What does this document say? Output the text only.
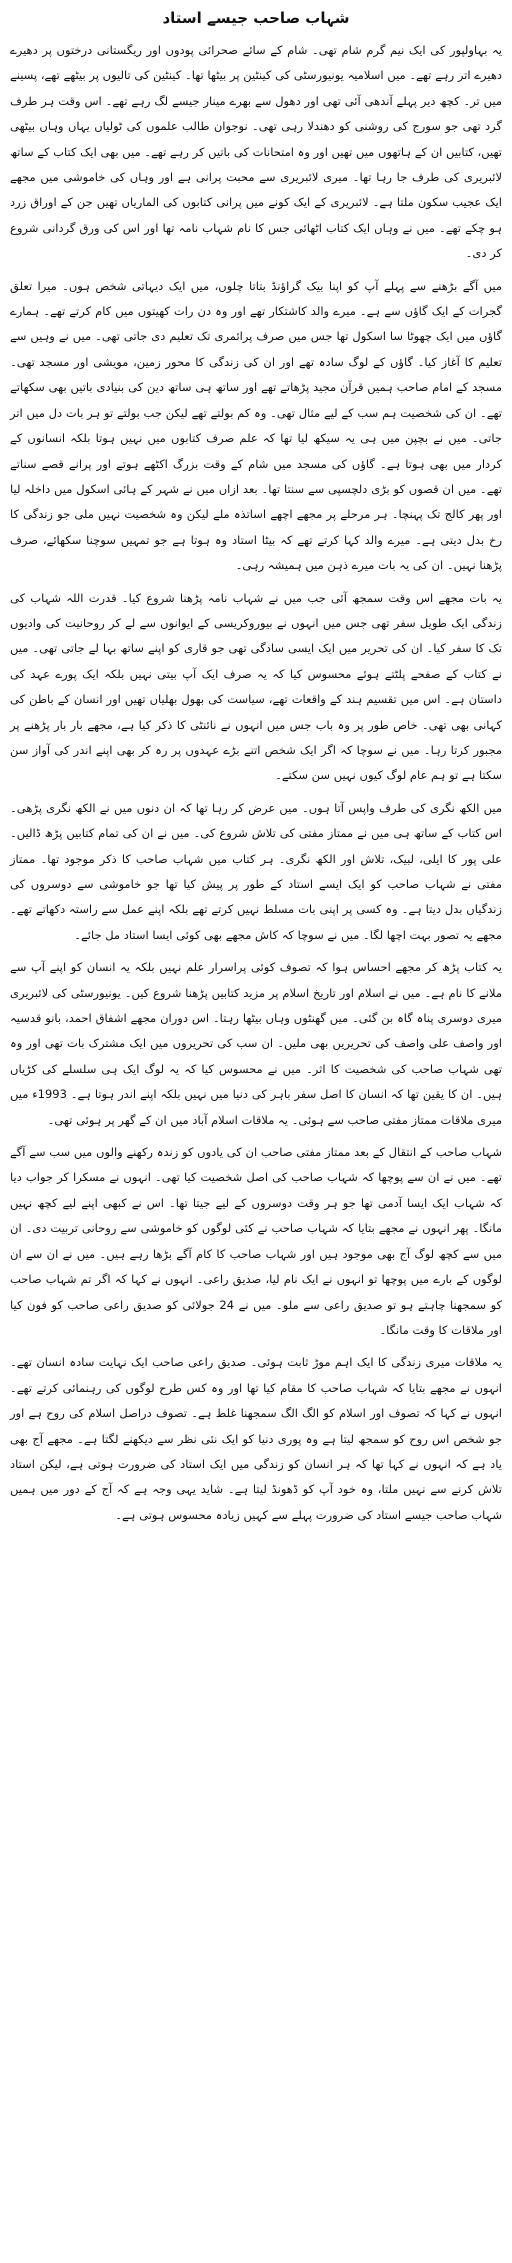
شہاب صاحب جیسے استاد

یہ بہاولپور کی ایک نیم گرم شام تھی۔ شام کے سائے صحرائی پودوں اور ریگستانی درختوں پر دھیرے دھیرے اتر رہے تھے۔ میں اسلامیہ یونیورسٹی کی کینٹین پر بیٹھا تھا۔ کینٹین کی تالیوں پر بیٹھے تھے، پسینے میں تر۔ کچھ دیر پہلے آندھی آئی تھی اور دھول سے بھرے مینار جیسے لگ رہے تھے۔ اس وقت ہر طرف گرد تھی جو سورج کی روشنی کو دھندلا رہی تھی۔ نوجوان طالب علموں کی ٹولیاں یہاں وہاں بیٹھی تھیں، کتابیں ان کے ہاتھوں میں تھیں اور وہ امتحانات کی باتیں کر رہے تھے۔ میں بھی ایک کتاب کے ساتھ لائبریری کی طرف جا رہا تھا۔ میری لائبریری سے محبت پرانی ہے اور وہاں کی خاموشی میں مجھے ایک عجیب سکون ملتا ہے۔ لائبریری کے ایک کونے میں پرانی کتابوں کی الماریاں تھیں جن کے اوراق زرد ہو چکے تھے۔ میں نے وہاں ایک کتاب اٹھائی جس کا نام شہاب نامہ تھا اور اس کی ورق گردانی شروع کر دی۔

میں آگے بڑھنے سے پہلے آپ کو اپنا بیک گراؤنڈ بتاتا چلوں، میں ایک دیہاتی شخص ہوں۔ میرا تعلق گجرات کے ایک گاؤں سے ہے۔ میرے والد کاشتکار تھے اور وہ دن رات کھیتوں میں کام کرتے تھے۔ ہمارے گاؤں میں ایک چھوٹا سا اسکول تھا جس میں صرف پرائمری تک تعلیم دی جاتی تھی۔ میں نے وہیں سے تعلیم کا آغاز کیا۔ گاؤں کے لوگ سادہ تھے اور ان کی زندگی کا محور زمین، مویشی اور مسجد تھی۔ مسجد کے امام صاحب ہمیں قرآن مجید پڑھاتے تھے اور ساتھ ہی ساتھ دین کی بنیادی باتیں بھی سکھاتے تھے۔ ان کی شخصیت ہم سب کے لیے مثال تھی۔ وہ کم بولتے تھے لیکن جب بولتے تو ہر بات دل میں اتر جاتی۔ میں نے بچپن میں ہی یہ سیکھ لیا تھا کہ علم صرف کتابوں میں نہیں ہوتا بلکہ انسانوں کے کردار میں بھی ہوتا ہے۔ گاؤں کی مسجد میں شام کے وقت بزرگ اکٹھے ہوتے اور پرانے قصے سناتے تھے۔ میں ان قصوں کو بڑی دلچسپی سے سنتا تھا۔ بعد ازاں میں نے شہر کے ہائی اسکول میں داخلہ لیا اور پھر کالج تک پہنچا۔ ہر مرحلے پر مجھے اچھے اساتذہ ملے لیکن وہ شخصیت نہیں ملی جو زندگی کا رخ بدل دیتی ہے۔ میرے والد کہا کرتے تھے کہ بیٹا استاد وہ ہوتا ہے جو تمہیں سوچنا سکھائے، صرف پڑھنا نہیں۔ ان کی یہ بات میرے ذہن میں ہمیشہ رہی۔

یہ بات مجھے اس وقت سمجھ آئی جب میں نے شہاب نامہ پڑھنا شروع کیا۔ قدرت اللہ شہاب کی زندگی ایک طویل سفر تھی جس میں انہوں نے بیوروکریسی کے ایوانوں سے لے کر روحانیت کی وادیوں تک کا سفر کیا۔ ان کی تحریر میں ایک ایسی سادگی تھی جو قاری کو اپنے ساتھ بہا لے جاتی تھی۔ میں نے کتاب کے صفحے پلٹتے ہوئے محسوس کیا کہ یہ صرف ایک آپ بیتی نہیں بلکہ ایک پورے عہد کی داستان ہے۔ اس میں تقسیم ہند کے واقعات تھے، سیاست کی بھول بھلیاں تھیں اور انسان کے باطن کی کہانی بھی تھی۔ خاص طور پر وہ باب جس میں انہوں نے نائنٹی کا ذکر کیا ہے، مجھے بار بار پڑھنے پر مجبور کرتا رہا۔ میں نے سوچا کہ اگر ایک شخص اتنے بڑے عہدوں پر رہ کر بھی اپنے اندر کی آواز سن سکتا ہے تو ہم عام لوگ کیوں نہیں سن سکتے۔

میں الکھ نگری کی طرف واپس آتا ہوں۔ میں عرض کر رہا تھا کہ ان دنوں میں نے الکھ نگری پڑھی۔ اس کتاب کے ساتھ ہی میں نے ممتاز مفتی کی تلاش شروع کی۔ میں نے ان کی تمام کتابیں پڑھ ڈالیں۔ علی پور کا ایلی، لبیک، تلاش اور الکھ نگری۔ ہر کتاب میں شہاب صاحب کا ذکر موجود تھا۔ ممتاز مفتی نے شہاب صاحب کو ایک ایسے استاد کے طور پر پیش کیا تھا جو خاموشی سے دوسروں کی زندگیاں بدل دیتا ہے۔ وہ کسی پر اپنی بات مسلط نہیں کرتے تھے بلکہ اپنے عمل سے راستہ دکھاتے تھے۔ مجھے یہ تصور بہت اچھا لگا۔ میں نے سوچا کہ کاش مجھے بھی کوئی ایسا استاد مل جائے۔

یہ کتاب پڑھ کر مجھے احساس ہوا کہ تصوف کوئی پراسرار علم نہیں بلکہ یہ انسان کو اپنے آپ سے ملانے کا نام ہے۔ میں نے اسلام اور تاریخ اسلام پر مزید کتابیں پڑھنا شروع کیں۔ یونیورسٹی کی لائبریری میری دوسری پناہ گاہ بن گئی۔ میں گھنٹوں وہاں بیٹھا رہتا۔ اس دوران مجھے اشفاق احمد، بانو قدسیہ اور واصف علی واصف کی تحریریں بھی ملیں۔ ان سب کی تحریروں میں ایک مشترک بات تھی اور وہ تھی شہاب صاحب کی شخصیت کا اثر۔ میں نے محسوس کیا کہ یہ لوگ ایک ہی سلسلے کی کڑیاں ہیں۔ ان کا یقین تھا کہ انسان کا اصل سفر باہر کی دنیا میں نہیں بلکہ اپنے اندر ہوتا ہے۔ 1993ء میں میری ملاقات ممتاز مفتی صاحب سے ہوئی۔ یہ ملاقات اسلام آباد میں ان کے گھر پر ہوئی تھی۔

شہاب صاحب کے انتقال کے بعد ممتاز مفتی صاحب ان کی یادوں کو زندہ رکھنے والوں میں سب سے آگے تھے۔ میں نے ان سے پوچھا کہ شہاب صاحب کی اصل شخصیت کیا تھی۔ انہوں نے مسکرا کر جواب دیا کہ شہاب ایک ایسا آدمی تھا جو ہر وقت دوسروں کے لیے جیتا تھا۔ اس نے کبھی اپنے لیے کچھ نہیں مانگا۔ پھر انہوں نے مجھے بتایا کہ شہاب صاحب نے کئی لوگوں کو خاموشی سے روحانی تربیت دی۔ ان میں سے کچھ لوگ آج بھی موجود ہیں اور شہاب صاحب کا کام آگے بڑھا رہے ہیں۔ میں نے ان سے ان لوگوں کے بارے میں پوچھا تو انہوں نے ایک نام لیا، صدیق راعی۔ انہوں نے کہا کہ اگر تم شہاب صاحب کو سمجھنا چاہتے ہو تو صدیق راعی سے ملو۔ میں نے 24 جولائی کو صدیق راعی صاحب کو فون کیا اور ملاقات کا وقت مانگا۔

یہ ملاقات میری زندگی کا ایک اہم موڑ ثابت ہوئی۔ صدیق راعی صاحب ایک نہایت سادہ انسان تھے۔ انہوں نے مجھے بتایا کہ شہاب صاحب کا مقام کیا تھا اور وہ کس طرح لوگوں کی رہنمائی کرتے تھے۔ انہوں نے کہا کہ تصوف اور اسلام کو الگ الگ سمجھنا غلط ہے۔ تصوف دراصل اسلام کی روح ہے اور جو شخص اس روح کو سمجھ لیتا ہے وہ پوری دنیا کو ایک نئی نظر سے دیکھنے لگتا ہے۔ مجھے آج بھی یاد ہے کہ انہوں نے کہا تھا کہ ہر انسان کو زندگی میں ایک استاد کی ضرورت ہوتی ہے، لیکن استاد تلاش کرنے سے نہیں ملتا، وہ خود آپ کو ڈھونڈ لیتا ہے۔ شاید یہی وجہ ہے کہ آج کے دور میں ہمیں شہاب صاحب جیسے استاد کی ضرورت پہلے سے کہیں زیادہ محسوس ہوتی ہے۔
